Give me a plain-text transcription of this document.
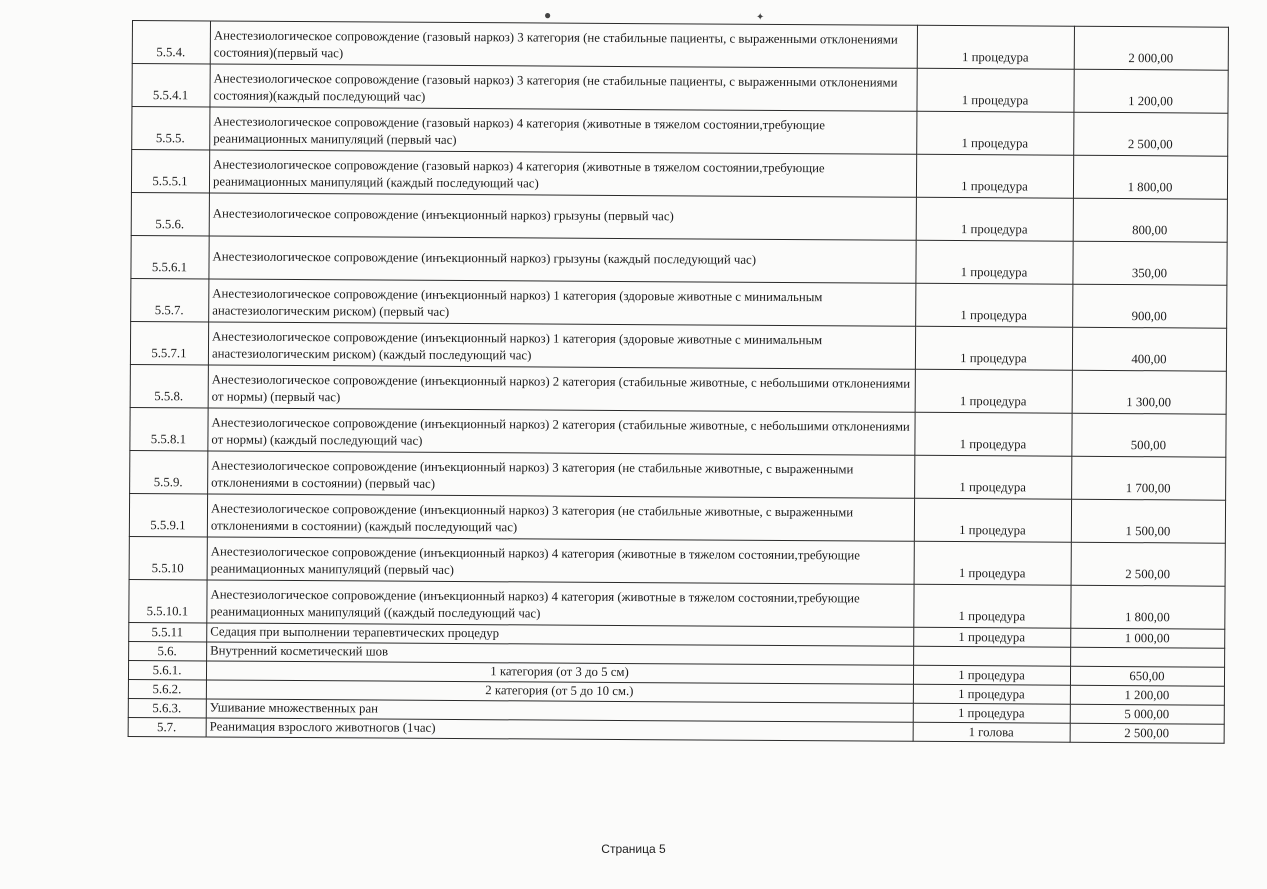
●	✦
5.5.4.	Анестезиологическое сопровождение (газовый наркоз) 3 категория (не стабильные пациенты, с выраженными отклонениями состояния)(первый час)	1 процедура	2 000,00
5.5.4.1	Анестезиологическое сопровождение (газовый наркоз) 3 категория (не стабильные пациенты, с выраженными отклонениями состояния)(каждый последующий час)	1 процедура	1 200,00
5.5.5.	Анестезиологическое сопровождение (газовый наркоз) 4 категория (животные в тяжелом состоянии,требующие реанимационных манипуляций (первый час)	1 процедура	2 500,00
5.5.5.1	Анестезиологическое сопровождение (газовый наркоз) 4 категория (животные в тяжелом состоянии,требующие реанимационных манипуляций (каждый последующий час)	1 процедура	1 800,00
5.5.6.	Анестезиологическое сопровождение (инъекционный наркоз) грызуны (первый час)	1 процедура	800,00
5.5.6.1	Анестезиологическое сопровождение (инъекционный наркоз) грызуны (каждый последующий час)	1 процедура	350,00
5.5.7.	Анестезиологическое сопровождение (инъекционный наркоз) 1 категория (здоровые животные с минимальным анастезиологическим риском) (первый час)	1 процедура	900,00
5.5.7.1	Анестезиологическое сопровождение (инъекционный наркоз) 1 категория (здоровые животные с минимальным анастезиологическим риском) (каждый последующий час)	1 процедура	400,00
5.5.8.	Анестезиологическое сопровождение (инъекционный наркоз) 2 категория (стабильные животные, с небольшими отклонениями от нормы) (первый час)	1 процедура	1 300,00
5.5.8.1	Анестезиологическое сопровождение (инъекционный наркоз) 2 категория (стабильные животные, с небольшими отклонениями от нормы) (каждый последующий час)	1 процедура	500,00
5.5.9.	Анестезиологическое сопровождение (инъекционный наркоз) 3 категория (не стабильные животные, с выраженными отклонениями в состоянии) (первый час)	1 процедура	1 700,00
5.5.9.1	Анестезиологическое сопровождение (инъекционный наркоз) 3 категория (не стабильные животные, с выраженными отклонениями в состоянии) (каждый последующий час)	1 процедура	1 500,00
5.5.10	Анестезиологическое сопровождение (инъекционный наркоз) 4 категория (животные в тяжелом состоянии,требующие реанимационных манипуляций (первый час)	1 процедура	2 500,00
5.5.10.1	Анестезиологическое сопровождение (инъекционный наркоз) 4 категория (животные в тяжелом состоянии,требующие реанимационных манипуляций ((каждый последующий час)	1 процедура	1 800,00
5.5.11	Седация при выполнении терапевтических процедур	1 процедура	1 000,00
5.6.	Внутренний косметический шов		
5.6.1.	1 категория (от 3 до 5 см)	1 процедура	650,00
5.6.2.	2 категория (от 5 до 10 см.)	1 процедура	1 200,00
5.6.3.	Ушивание множественных ран	1 процедура	5 000,00
5.7.	Реанимация взрослого животногов (1час)	1 голова	2 500,00
Страница 5
